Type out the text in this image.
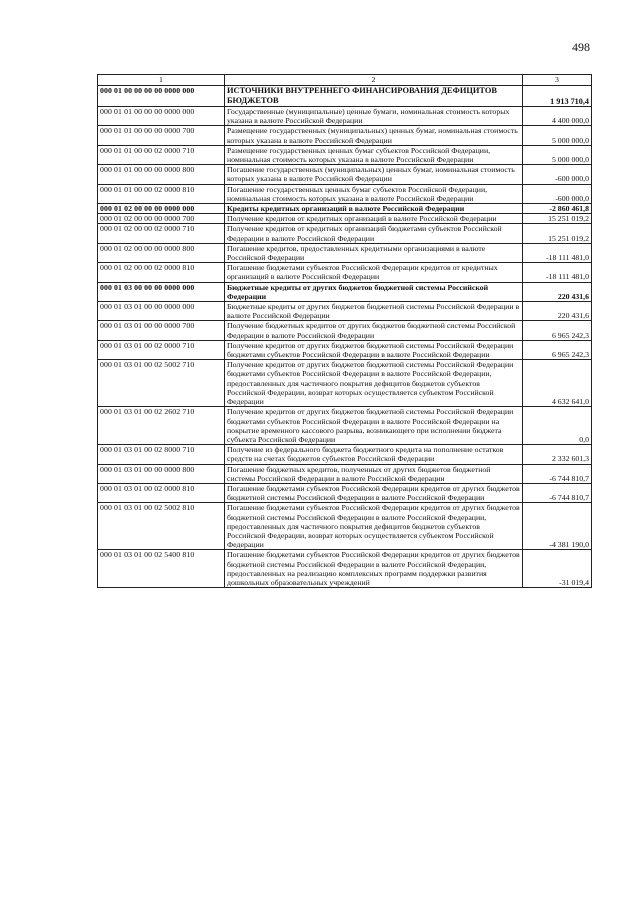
498
1	2	3
000 01 00 00 00 00 0000 000	ИСТОЧНИКИ ВНУТРЕННЕГО ФИНАНСИРОВАНИЯ ДЕФИЦИТОВ БЮДЖЕТОВ	1 913 710,4
000 01 01 00 00 00 0000 000	Государственные (муниципальные) ценные бумаги, номинальная стоимость которых указана в валюте Российской Федерации	4 400 000,0
000 01 01 00 00 00 0000 700	Размещение государственных (муниципальных) ценных бумаг, номинальная стоимость которых указана в валюте Российской Федерации	5 000 000,0
000 01 01 00 00 02 0000 710	Размещение государственных ценных бумаг субъектов Российской Федерации, номинальная стоимость которых указана в валюте Российской Федерации	5 000 000,0
000 01 01 00 00 00 0000 800	Погашение государственных (муниципальных) ценных бумаг, номинальная стоимость которых указана в валюте Российской Федерации	-600 000,0
000 01 01 00 00 02 0000 810	Погашение государственных ценных бумаг субъектов Российской Федерации, номинальная стоимость которых указана в валюте Российской Федерации	-600 000,0
000 01 02 00 00 00 0000 000	Кредиты кредитных организаций в валюте Российской Федерации	-2 860 461,8
000 01 02 00 00 00 0000 700	Получение кредитов от кредитных организаций в валюте Российской Федерации	15 251 019,2
000 01 02 00 00 02 0000 710	Получение кредитов от кредитных организаций бюджетами субъектов Российской Федерации в валюте Российской Федерации	15 251 019,2
000 01 02 00 00 00 0000 800	Погашение кредитов, предоставленных кредитными организациями в валюте Российской Федерации	-18 111 481,0
000 01 02 00 00 02 0000 810	Погашение бюджетами субъектов Российской Федерации кредитов от кредитных организаций в валюте Российской Федерации	-18 111 481,0
000 01 03 00 00 00 0000 000	Бюджетные кредиты от других бюджетов бюджетной системы Российской Федерации	220 431,6
000 01 03 01 00 00 0000 000	Бюджетные кредиты от других бюджетов бюджетной системы Российской Федерации в валюте Российской Федерации	220 431,6
000 01 03 01 00 00 0000 700	Получение бюджетных кредитов от других бюджетов бюджетной системы Российской Федерации в валюте Российской Федерации	6 965 242,3
000 01 03 01 00 02 0000 710	Получение кредитов от других бюджетов бюджетной системы Российской Федерации бюджетами субъектов Российской Федерации в валюте Российской Федерации	6 965 242,3
000 01 03 01 00 02 5002 710	Получение кредитов от других бюджетов бюджетной системы Российской Федерации бюджетами субъектов Российской Федерации в валюте Российской Федерации, предоставленных для частичного покрытия дефицитов бюджетов субъектов Российской Федерации, возврат которых осуществляется субъектом Российской Федерации	4 632 641,0
000 01 03 01 00 02 2602 710	Получение кредитов от других бюджетов бюджетной системы Российской Федерации бюджетами субъектов Российской Федерации в валюте Российской Федерации на покрытие временного кассового разрыва, возникающего при исполнении бюджета субъекта Российской Федерации	0,0
000 01 03 01 00 02 8000 710	Получение из федерального бюджета бюджетного кредита на пополнение остатков средств на счетах бюджетов субъектов Российской Федерации	2 332 601,3
000 01 03 01 00 00 0000 800	Погашение бюджетных кредитов, полученных от других бюджетов бюджетной системы Российской Федерации в валюте Российской Федерации	-6 744 810,7
000 01 03 01 00 02 0000 810	Погашение бюджетами субъектов Российской Федерации кредитов от других бюджетов бюджетной системы Российской Федерации в валюте Российской Федерации	-6 744 810,7
000 01 03 01 00 02 5002 810	Погашение бюджетами субъектов Российской Федерации кредитов от других бюджетов бюджетной системы Российской Федерации в валюте Российской Федерации, предоставленных для частичного покрытия дефицитов бюджетов субъектов Российской Федерации, возврат которых осуществляется субъектом Российской Федерации	-4 381 190,0
000 01 03 01 00 02 5400 810	Погашение бюджетами субъектов Российской Федерации кредитов от других бюджетов бюджетной системы Российской Федерации в валюте Российской Федерации, предоставленных на реализацию комплексных программ поддержки развития дошкольных образовательных учреждений	-31 019,4
